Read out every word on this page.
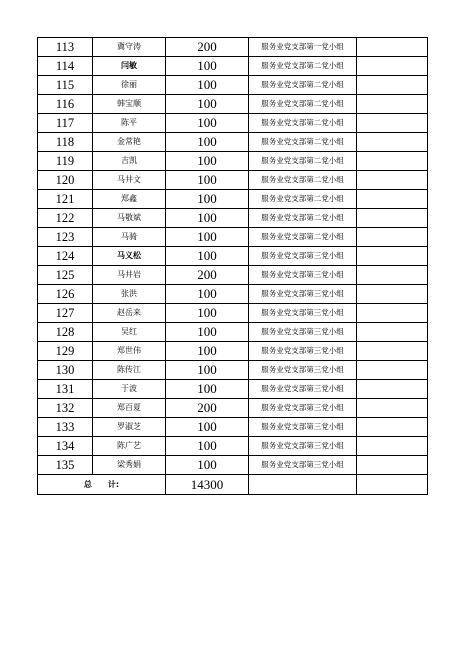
113	冀守涛	200	服务业党支部第一党小组	
114	闫敏	100	服务业党支部第二党小组	
115	徐丽	100	服务业党支部第二党小组	
116	韩宝顺	100	服务业党支部第二党小组	
117	陈平	100	服务业党支部第二党小组	
118	金常艳	100	服务业党支部第二党小组	
119	吉凯	100	服务业党支部第二党小组	
120	马井文	100	服务业党支部第二党小组	
121	郑鑫	100	服务业党支部第二党小组	
122	马敬斌	100	服务业党支部第二党小组	
123	马骑	100	服务业党支部第二党小组	
124	马义松	100	服务业党支部第三党小组	
125	马井岩	200	服务业党支部第三党小组	
126	张洪	100	服务业党支部第三党小组	
127	赵岳来	100	服务业党支部第三党小组	
128	吴红	100	服务业党支部第三党小组	
129	郑世伟	100	服务业党支部第三党小组	
130	陈传江	100	服务业党支部第三党小组	
131	于波	100	服务业党支部第三党小组	
132	郑百夏	200	服务业党支部第三党小组	
133	罗淑芝	100	服务业党支部第三党小组	
134	陈广艺	100	服务业党支部第三党小组	
135	梁秀娟	100	服务业党支部第三党小组	
总 计:		14300		
